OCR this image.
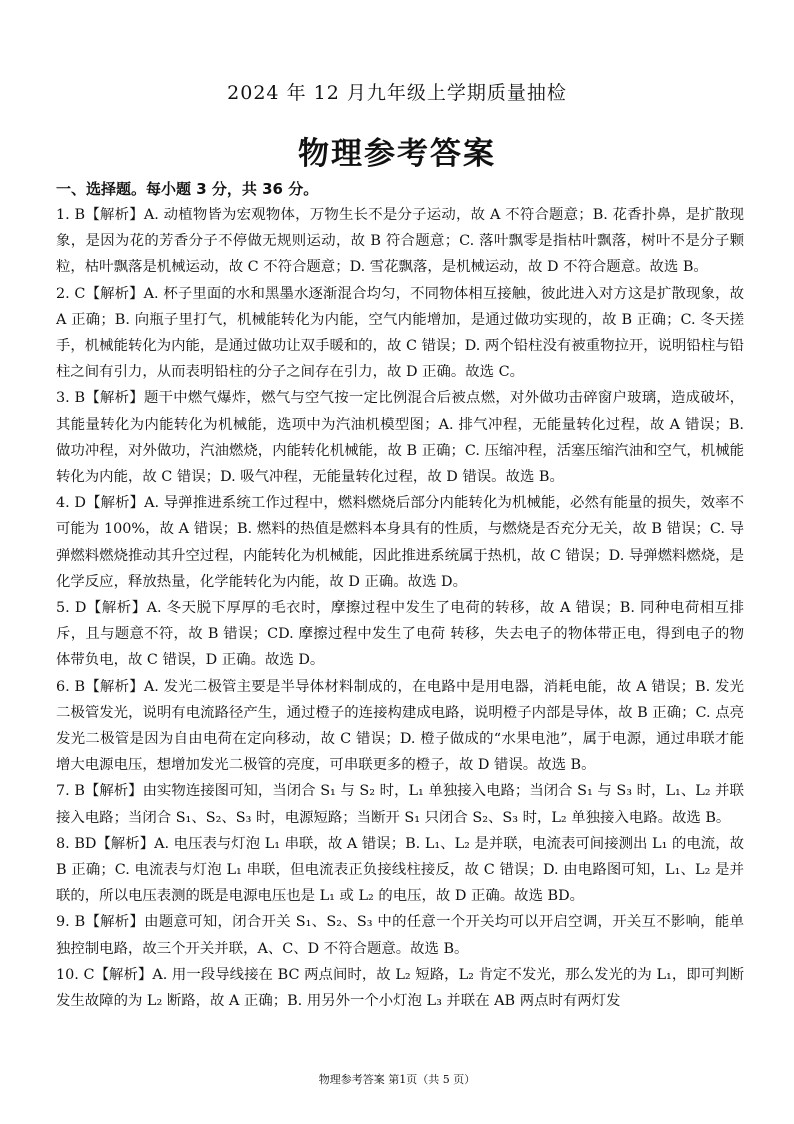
2024 年 12 月九年级上学期质量抽检
物理参考答案
一、选择题。每小题 3 分，共 36 分。

1. B【解析】A. 动植物皆为宏观物体，万物生长不是分子运动，故 A 不符合题意；B. 花香扑鼻，是扩散现象，是因为花的芳香分子不停做无规则运动，故 B 符合题意；C. 落叶飘零是指枯叶飘落，树叶不是分子颗粒，枯叶飘落是机械运动，故 C 不符合题意；D. 雪花飘落，是机械运动，故 D 不符合题意。故选 B。

2. C【解析】A. 杯子里面的水和黑墨水逐渐混合均匀，不同物体相互接触，彼此进入对方这是扩散现象，故 A 正确；B. 向瓶子里打气，机械能转化为内能，空气内能增加，是通过做功实现的，故 B 正确；C. 冬天搓手，机械能转化为内能，是通过做功让双手暖和的，故 C 错误；D. 两个铅柱没有被重物拉开，说明铅柱与铅柱之间有引力，从而表明铅柱的分子之间存在引力，故 D 正确。故选 C。

3. B【解析】题干中燃气爆炸，燃气与空气按一定比例混合后被点燃，对外做功击碎窗户玻璃，造成破坏，其能量转化为内能转化为机械能，选项中为汽油机模型图；A. 排气冲程，无能量转化过程，故 A 错误；B. 做功冲程，对外做功，汽油燃烧，内能转化机械能，故 B 正确；C. 压缩冲程，活塞压缩汽油和空气，机械能转化为内能，故 C 错误；D. 吸气冲程，无能量转化过程，故 D 错误。故选 B。

4. D【解析】A. 导弹推进系统工作过程中，燃料燃烧后部分内能转化为机械能，必然有能量的损失，效率不可能为 100%，故 A 错误；B. 燃料的热值是燃料本身具有的性质，与燃烧是否充分无关，故 B 错误；C. 导弹燃料燃烧推动其升空过程，内能转化为机械能，因此推进系统属于热机，故 C 错误；D. 导弹燃料燃烧，是化学反应，释放热量，化学能转化为内能，故 D 正确。故选 D。

5. D【解析】A. 冬天脱下厚厚的毛衣时，摩擦过程中发生了电荷的转移，故 A 错误；B. 同种电荷相互排斥，且与题意不符，故 B 错误；CD. 摩擦过程中发生了电荷 转移，失去电子的物体带正电，得到电子的物体带负电，故 C 错误，D 正确。故选 D。

6. B【解析】A. 发光二极管主要是半导体材料制成的，在电路中是用电器，消耗电能，故 A 错误；B. 发光二极管发光，说明有电流路径产生，通过橙子的连接构建成电路，说明橙子内部是导体，故 B 正确；C. 点亮发光二极管是因为自由电荷在定向移动，故 C 错误；D. 橙子做成的“水果电池”，属于电源，通过串联才能增大电源电压，想增加发光二极管的亮度，可串联更多的橙子，故 D 错误。故选 B。

7. B【解析】由实物连接图可知，当闭合 S₁ 与 S₂ 时，L₁ 单独接入电路；当闭合 S₁ 与 S₃ 时，L₁、L₂ 并联接入电路；当闭合 S₁、S₂、S₃ 时，电源短路；当断开 S₁ 只闭合 S₂、S₃ 时，L₂ 单独接入电路。故选 B。

8. BD【解析】A. 电压表与灯泡 L₁ 串联，故 A 错误；B. L₁、L₂ 是并联，电流表可间接测出 L₁ 的电流，故 B 正确；C. 电流表与灯泡 L₁ 串联，但电流表正负接线柱接反，故 C 错误；D. 由电路图可知，L₁、L₂ 是并联的，所以电压表测的既是电源电压也是 L₁ 或 L₂ 的电压，故 D 正确。故选 BD。

9. B【解析】由题意可知，闭合开关 S₁、S₂、S₃ 中的任意一个开关均可以开启空调，开关互不影响，能单独控制电路，故三个开关并联，A、C、D 不符合题意。故选 B。

10. C【解析】A. 用一段导线接在 BC 两点间时，故 L₂ 短路，L₂ 肯定不发光，那么发光的为 L₁，即可判断发生故障的为 L₂ 断路，故 A 正确；B. 用另外一个小灯泡 L₃ 并联在 AB 两点时有两灯发

物理参考答案 第1页（共 5 页）
